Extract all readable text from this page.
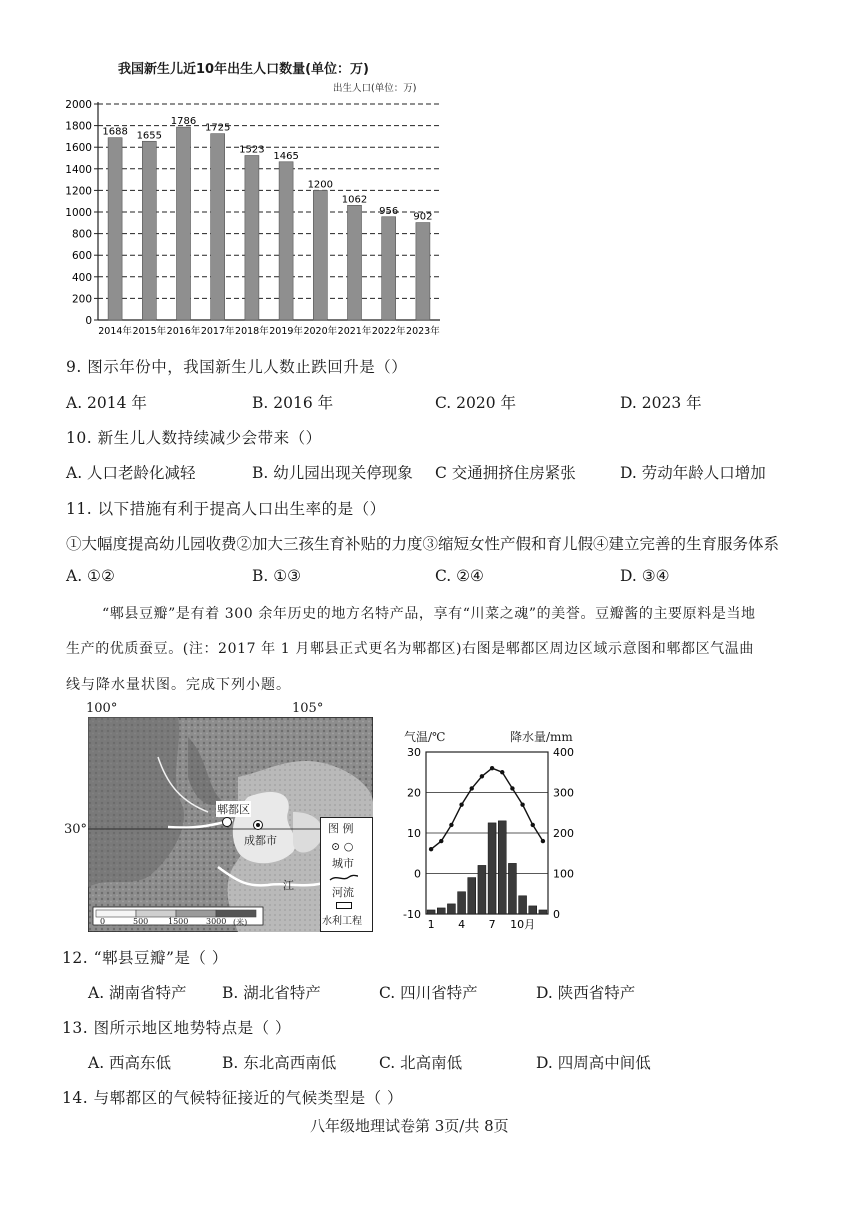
我国新生儿近10年出生人口数量(单位：万)
出生人口(单位：万)
0
200
400
600
800
1000
1200
1400
1600
1800
2000
1688
2014年
1655
2015年
1786
2016年
1725
2017年
1523
2018年
1465
2019年
1200
2020年
1062
2021年
956
2022年
902
2023年
9. 图示年份中，我国新生儿人数止跌回升是（）
A. 2014 年	B. 2016 年	C. 2020 年	D. 2023 年
10. 新生儿人数持续减少会带来（）
A. 人口老龄化减轻	B. 幼儿园出现关停现象 C 交通拥挤住房紧张	D. 劳动年龄人口增加
11. 以下措施有利于提高人口出生率的是（）
①大幅度提高幼儿园收费②加大三孩生育补贴的力度③缩短女性产假和育儿假④建立完善的生育服务体系
A. ①②	B. ①③	C. ②④	D. ③④
“郫县豆瓣”是有着 300 余年历史的地方名特产品，享有“川菜之魂”的美誉。豆瓣酱的主要原料是当地
生产的优质蚕豆。(注：2017 年 1 月郫县正式更名为郫都区)右图是郫都区周边区域示意图和郫都区气温曲
线与降水量状图。完成下列小题。
100°	105°
30°
0	500 1500 3000 (米)
郫都区
成都市
江
图 例
⊙ ○
城市
河流
水利工程
气温/℃	降水量/mm
-10
0
10
20
30
0
100
200
300
400
1 4 7 10月
12. “郫县豆瓣”是（ ）
A. 湖南省特产 B. 湖北省特产	C. 四川省特产	D. 陕西省特产
13. 图所示地区地势特点是（ ）
A. 西高东低	B. 东北高西南低	C. 北高南低	D. 四周高中间低
14. 与郫都区的气候特征接近的气候类型是（ ）
八年级地理试卷第 3页/共 8页
